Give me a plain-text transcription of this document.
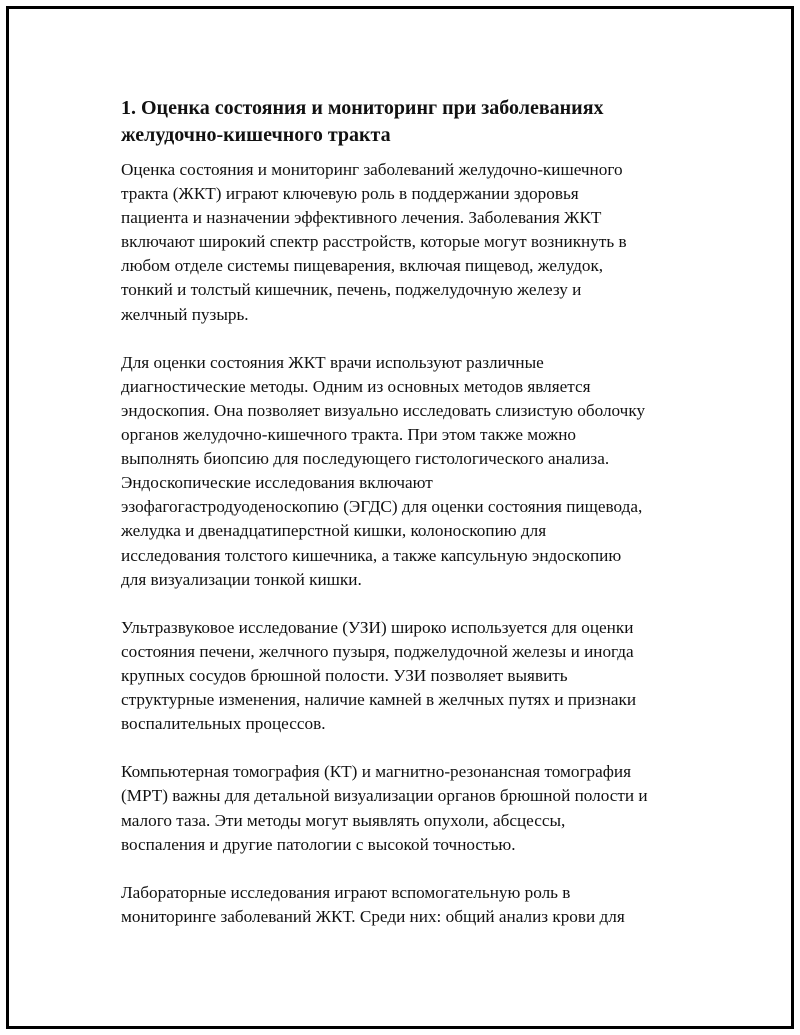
1. Оценка состояния и мониторинг при заболеваниях
желудочно-кишечного тракта
Оценка состояния и мониторинг заболеваний желудочно-кишечного
тракта (ЖКТ) играют ключевую роль в поддержании здоровья
пациента и назначении эффективного лечения. Заболевания ЖКТ
включают широкий спектр расстройств, которые могут возникнуть в
любом отделе системы пищеварения, включая пищевод, желудок,
тонкий и толстый кишечник, печень, поджелудочную железу и
желчный пузырь.
Для оценки состояния ЖКТ врачи используют различные
диагностические методы. Одним из основных методов является
эндоскопия. Она позволяет визуально исследовать слизистую оболочку
органов желудочно-кишечного тракта. При этом также можно
выполнять биопсию для последующего гистологического анализа.
Эндоскопические исследования включают
эзофагогастродуоденоскопию (ЭГДС) для оценки состояния пищевода,
желудка и двенадцатиперстной кишки, колоноскопию для
исследования толстого кишечника, а также капсульную эндоскопию
для визуализации тонкой кишки.
Ультразвуковое исследование (УЗИ) широко используется для оценки
состояния печени, желчного пузыря, поджелудочной железы и иногда
крупных сосудов брюшной полости. УЗИ позволяет выявить
структурные изменения, наличие камней в желчных путях и признаки
воспалительных процессов.
Компьютерная томография (КТ) и магнитно-резонансная томография
(МРТ) важны для детальной визуализации органов брюшной полости и
малого таза. Эти методы могут выявлять опухоли, абсцессы,
воспаления и другие патологии с высокой точностью.
Лабораторные исследования играют вспомогательную роль в
мониторинге заболеваний ЖКТ. Среди них: общий анализ крови для
